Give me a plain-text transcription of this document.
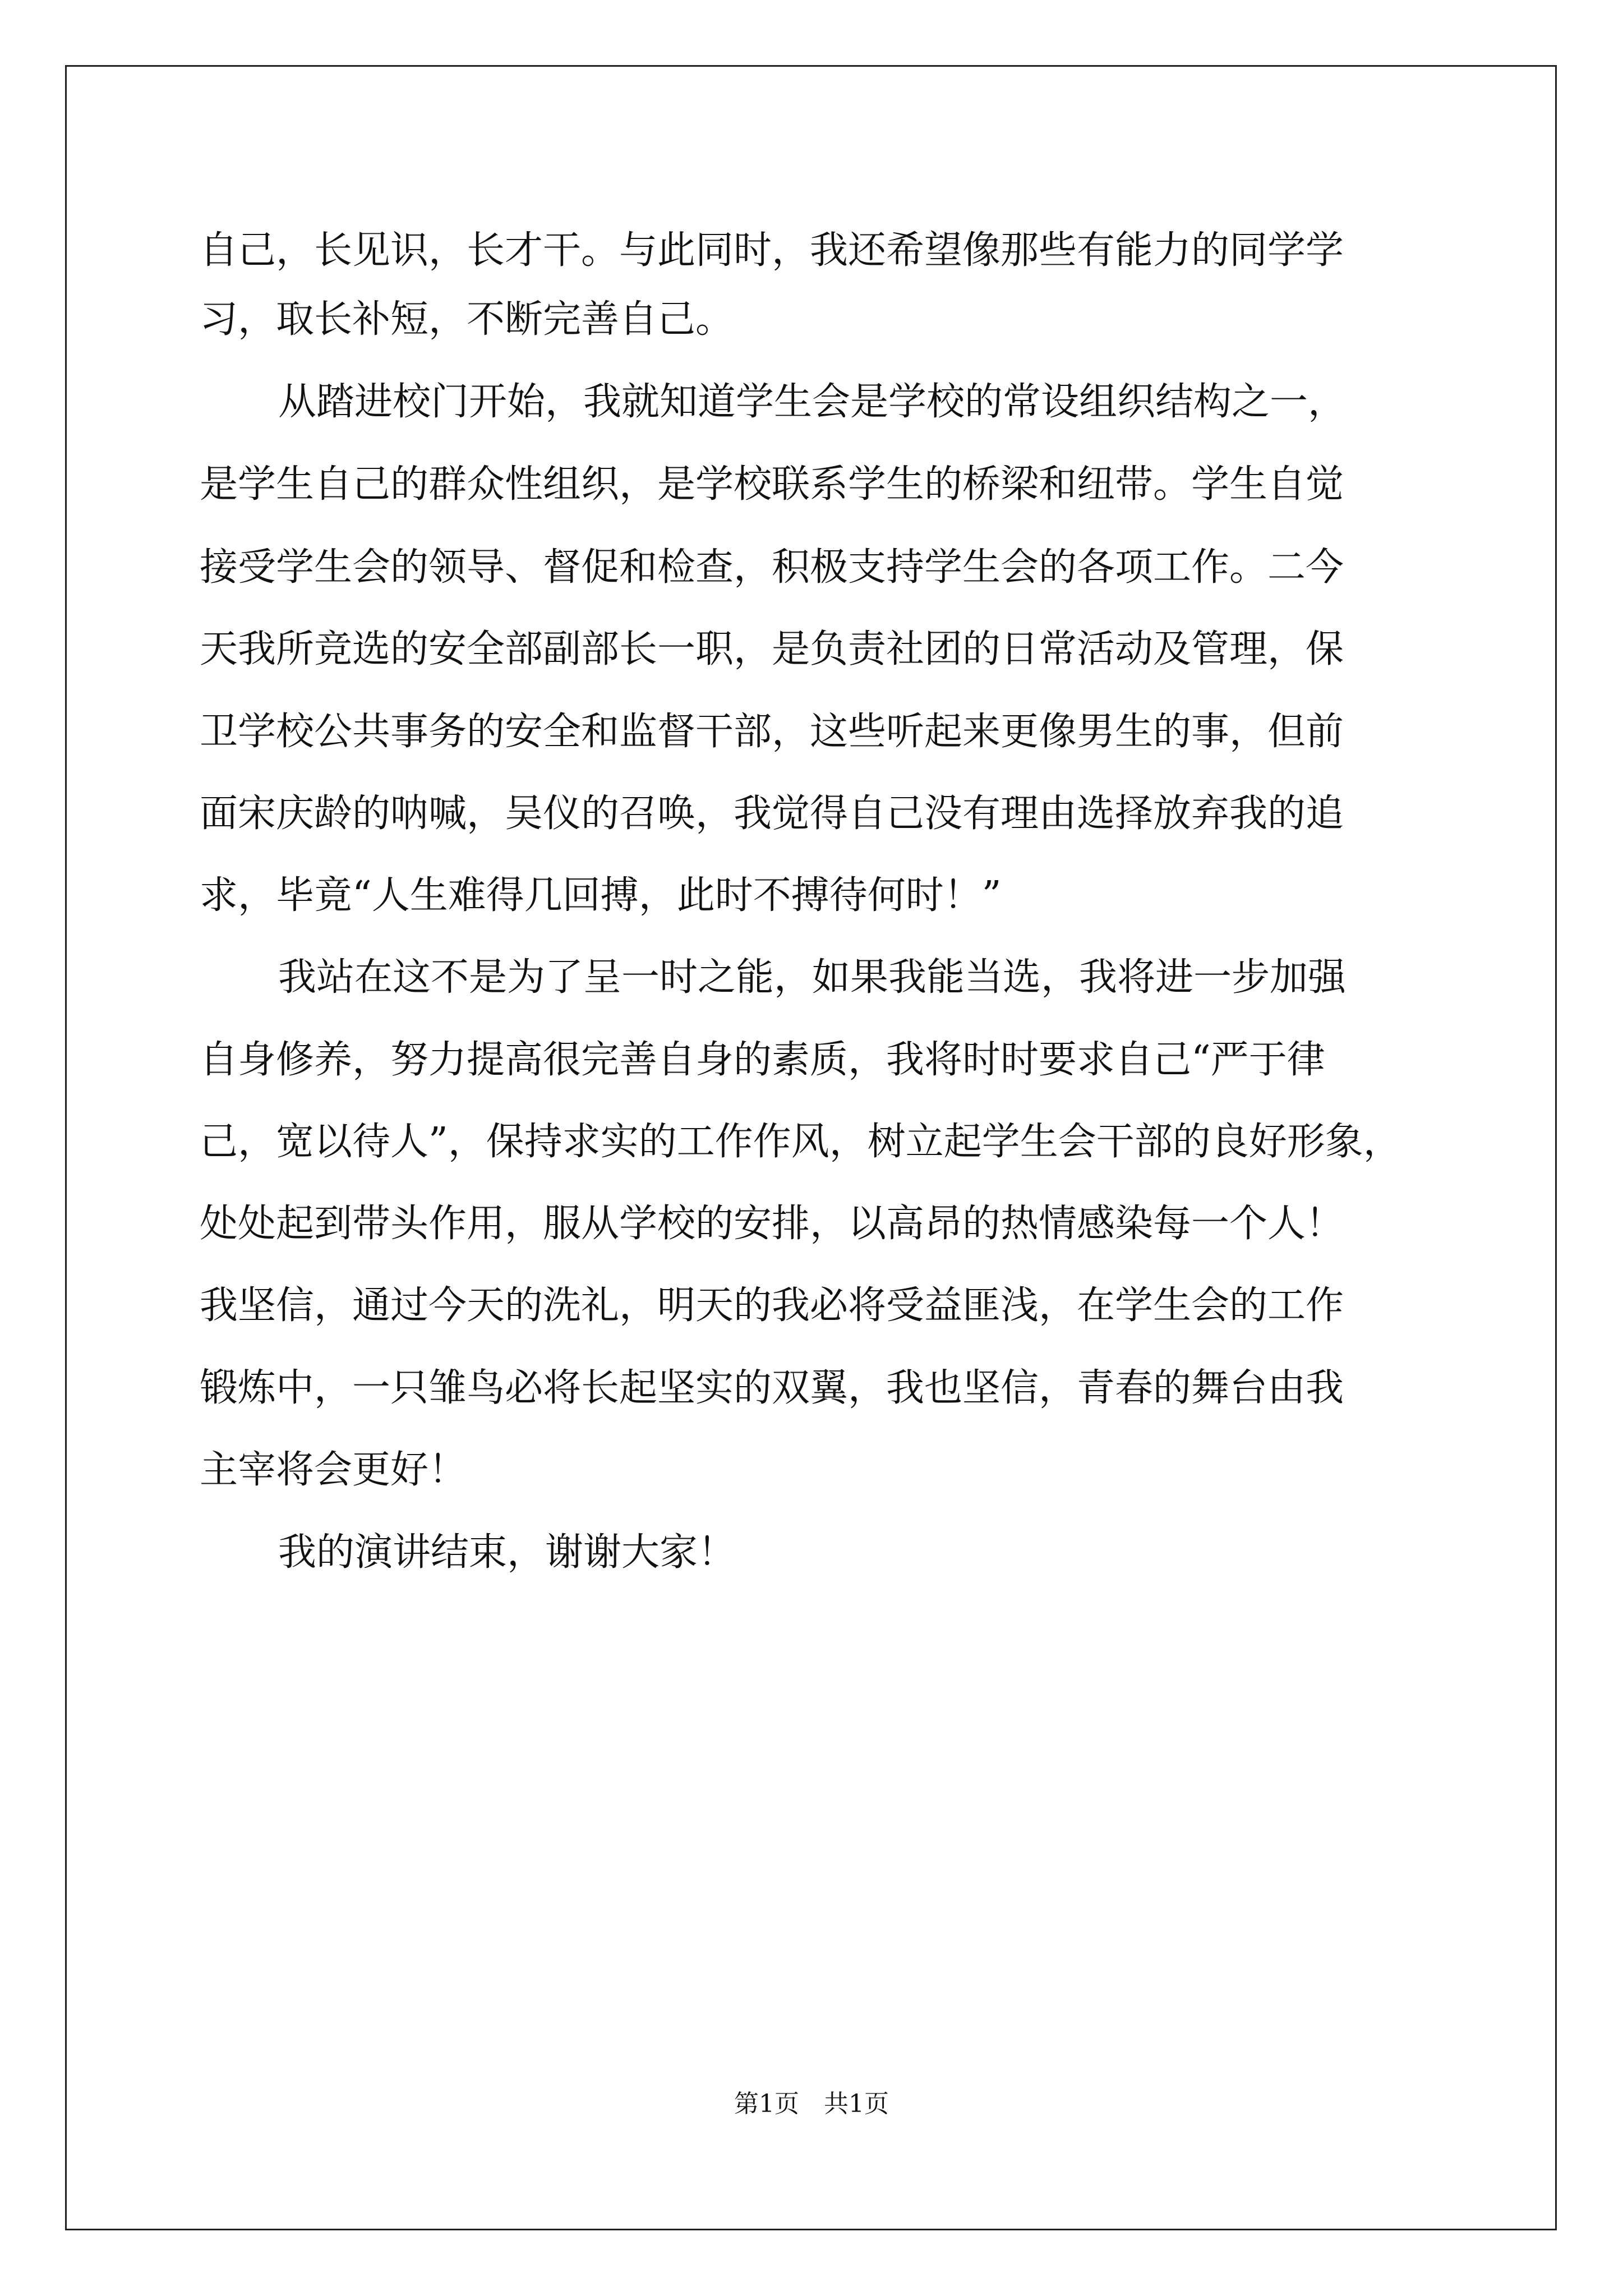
自己，长见识，长才干。与此同时，我还希望像那些有能力的同学学
习，取长补短，不断完善自己。
从踏进校门开始，我就知道学生会是学校的常设组织结构之一，
是学生自己的群众性组织，是学校联系学生的桥梁和纽带。学生自觉
接受学生会的领导、督促和检查，积极支持学生会的各项工作。二今
天我所竞选的安全部副部长一职，是负责社团的日常活动及管理，保
卫学校公共事务的安全和监督干部，这些听起来更像男生的事，但前
面宋庆龄的呐喊，吴仪的召唤，我觉得自己没有理由选择放弃我的追
求，毕竟“人生难得几回搏，此时不搏待何时！”
我站在这不是为了呈一时之能，如果我能当选，我将进一步加强
自身修养，努力提高很完善自身的素质，我将时时要求自己“严于律
己，宽以待人”，保持求实的工作作风，树立起学生会干部的良好形象，
处处起到带头作用，服从学校的安排，以高昂的热情感染每一个人！
我坚信，通过今天的洗礼，明天的我必将受益匪浅，在学生会的工作
锻炼中，一只雏鸟必将长起坚实的双翼，我也坚信，青春的舞台由我
主宰将会更好！
我的演讲结束，谢谢大家！
第1页　共1页
